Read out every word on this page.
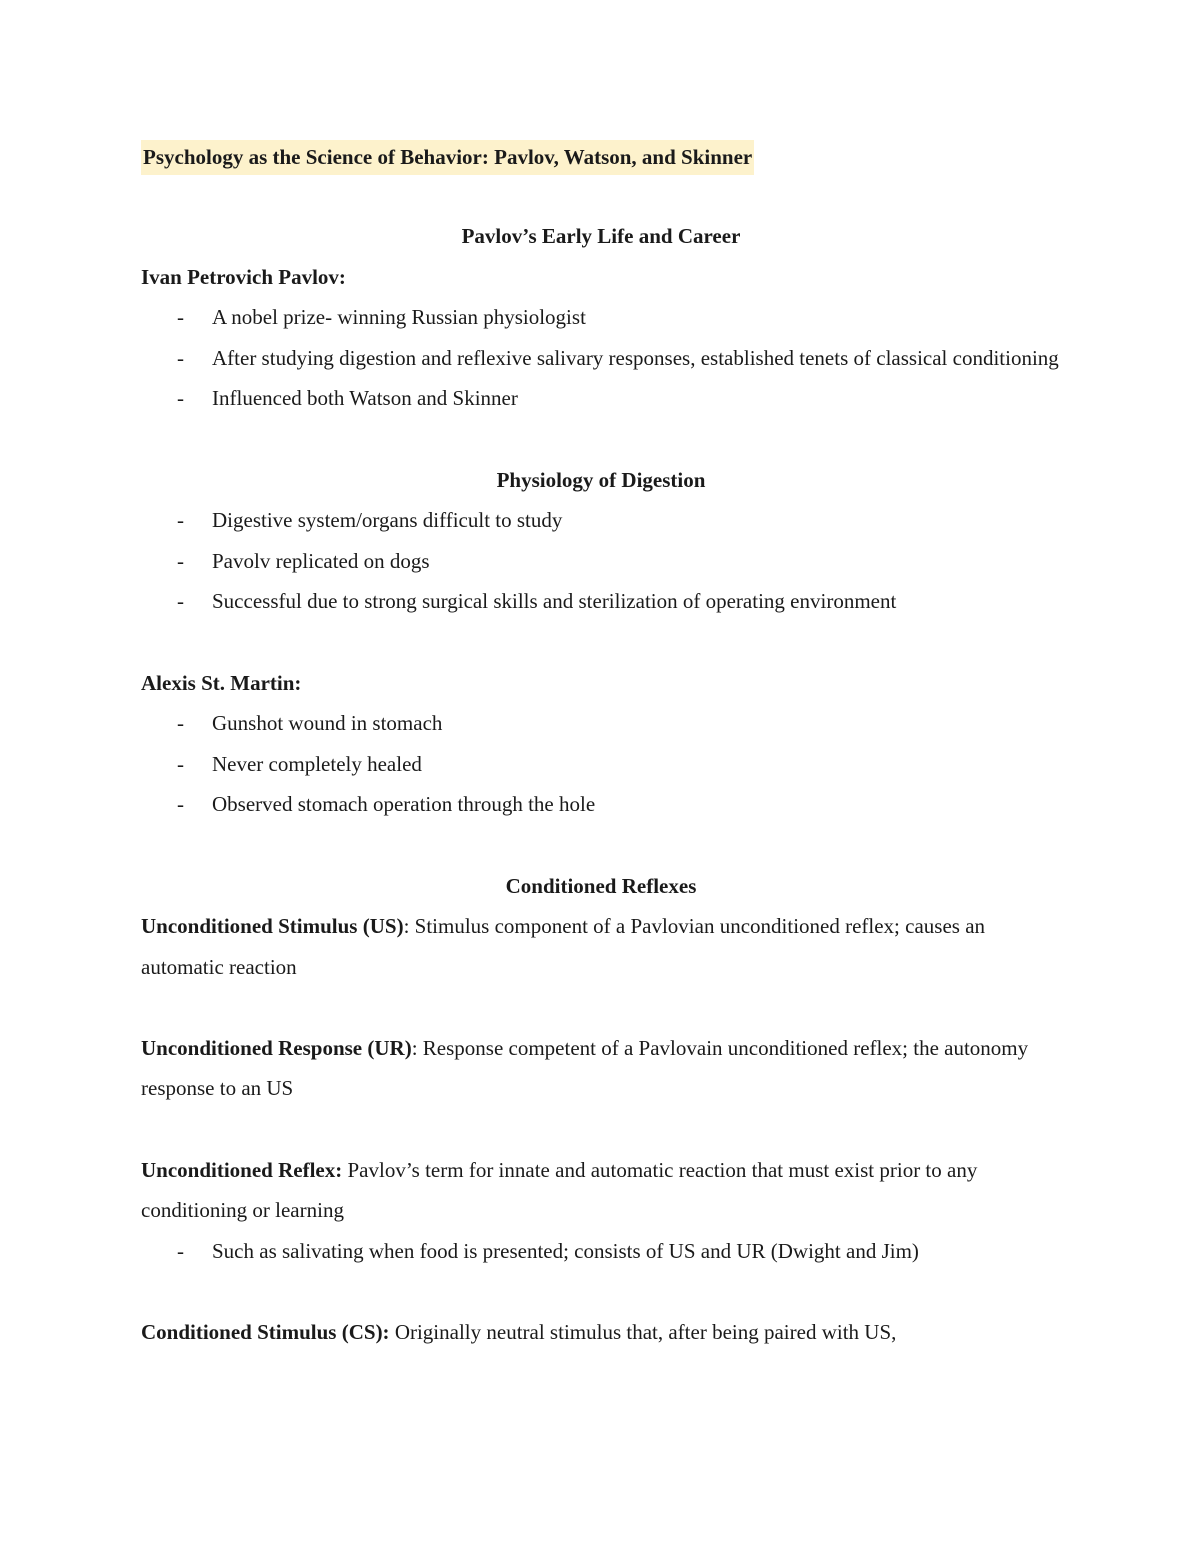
Psychology as the Science of Behavior: Pavlov, Watson, and Skinner

Pavlov’s Early Life and Career

Ivan Petrovich Pavlov:

- A nobel prize- winning Russian physiologist
- After studying digestion and reflexive salivary responses, established tenets of classical conditioning
- Influenced both Watson and Skinner

Physiology of Digestion

- Digestive system/organs difficult to study
- Pavolv replicated on dogs
- Successful due to strong surgical skills and sterilization of operating environment

Alexis St. Martin:

- Gunshot wound in stomach
- Never completely healed
- Observed stomach operation through the hole

Conditioned Reflexes

Unconditioned Stimulus (US): Stimulus component of a Pavlovian unconditioned reflex; causes an automatic reaction

Unconditioned Response (UR): Response competent of a Pavlovain unconditioned reflex; the autonomy response to an US

Unconditioned Reflex: Pavlov’s term for innate and automatic reaction that must exist prior to any conditioning or learning

- Such as salivating when food is presented; consists of US and UR (Dwight and Jim)

Conditioned Stimulus (CS): Originally neutral stimulus that, after being paired with US,
